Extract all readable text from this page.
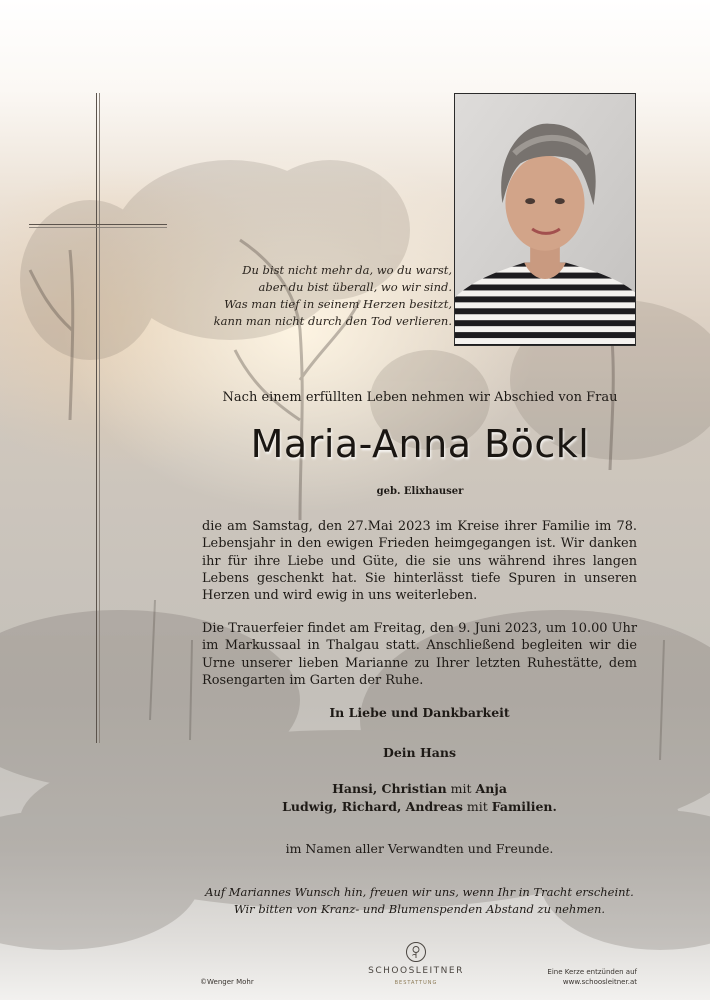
Du bist nicht mehr da, wo du warst,
aber du bist überall, wo wir sind.
Was man tief in seinem Herzen besitzt,
kann man nicht durch den Tod verlieren.
Nach einem erfüllten Leben nehmen wir Abschied von Frau
Maria-Anna Böckl
geb. Elixhauser
die am Samstag, den 27.Mai 2023 im Kreise ihrer Familie im 78. Lebensjahr in den ewigen Frieden heimgegangen ist. Wir danken ihr für ihre Liebe und Güte, die sie uns während ihres langen Lebens geschenkt hat. Sie hinterlässt tiefe Spuren in unseren Herzen und wird ewig in uns weiterleben.
Die Trauerfeier findet am Freitag, den 9. Juni 2023, um 10.00 Uhr im Markussaal in Thalgau statt. Anschließend begleiten wir die Urne unserer lieben Marianne zu Ihrer letzten Ruhestätte, dem Rosengarten im Garten der Ruhe.
In Liebe und Dankbarkeit
Dein Hans
Hansi, Christian mit Anja
Ludwig, Richard, Andreas mit Familien.
im Namen aller Verwandten und Freunde.
Auf Mariannes Wunsch hin, freuen wir uns, wenn Ihr in Tracht erscheint.
Wir bitten von Kranz- und Blumenspenden Abstand zu nehmen.
©Wenger Mohr
SCHOOSLEITNER
BESTATTUNG
Eine Kerze entzünden auf
www.schoosleitner.at
